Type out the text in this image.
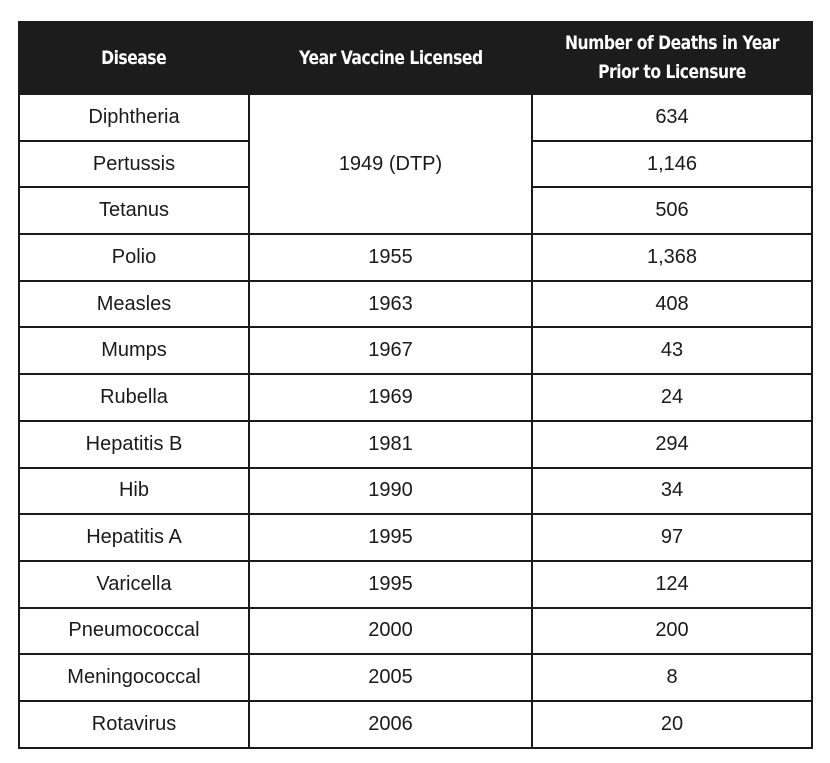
Disease	Year Vaccine Licensed	Number of Deaths in Year Prior to Licensure
Diphtheria	1949 (DTP)	634
Pertussis		1,146
Tetanus		506
Polio	1955	1,368
Measles	1963	408
Mumps	1967	43
Rubella	1969	24
Hepatitis B	1981	294
Hib	1990	34
Hepatitis A	1995	97
Varicella	1995	124
Pneumococcal	2000	200
Meningococcal	2005	8
Rotavirus	2006	20
